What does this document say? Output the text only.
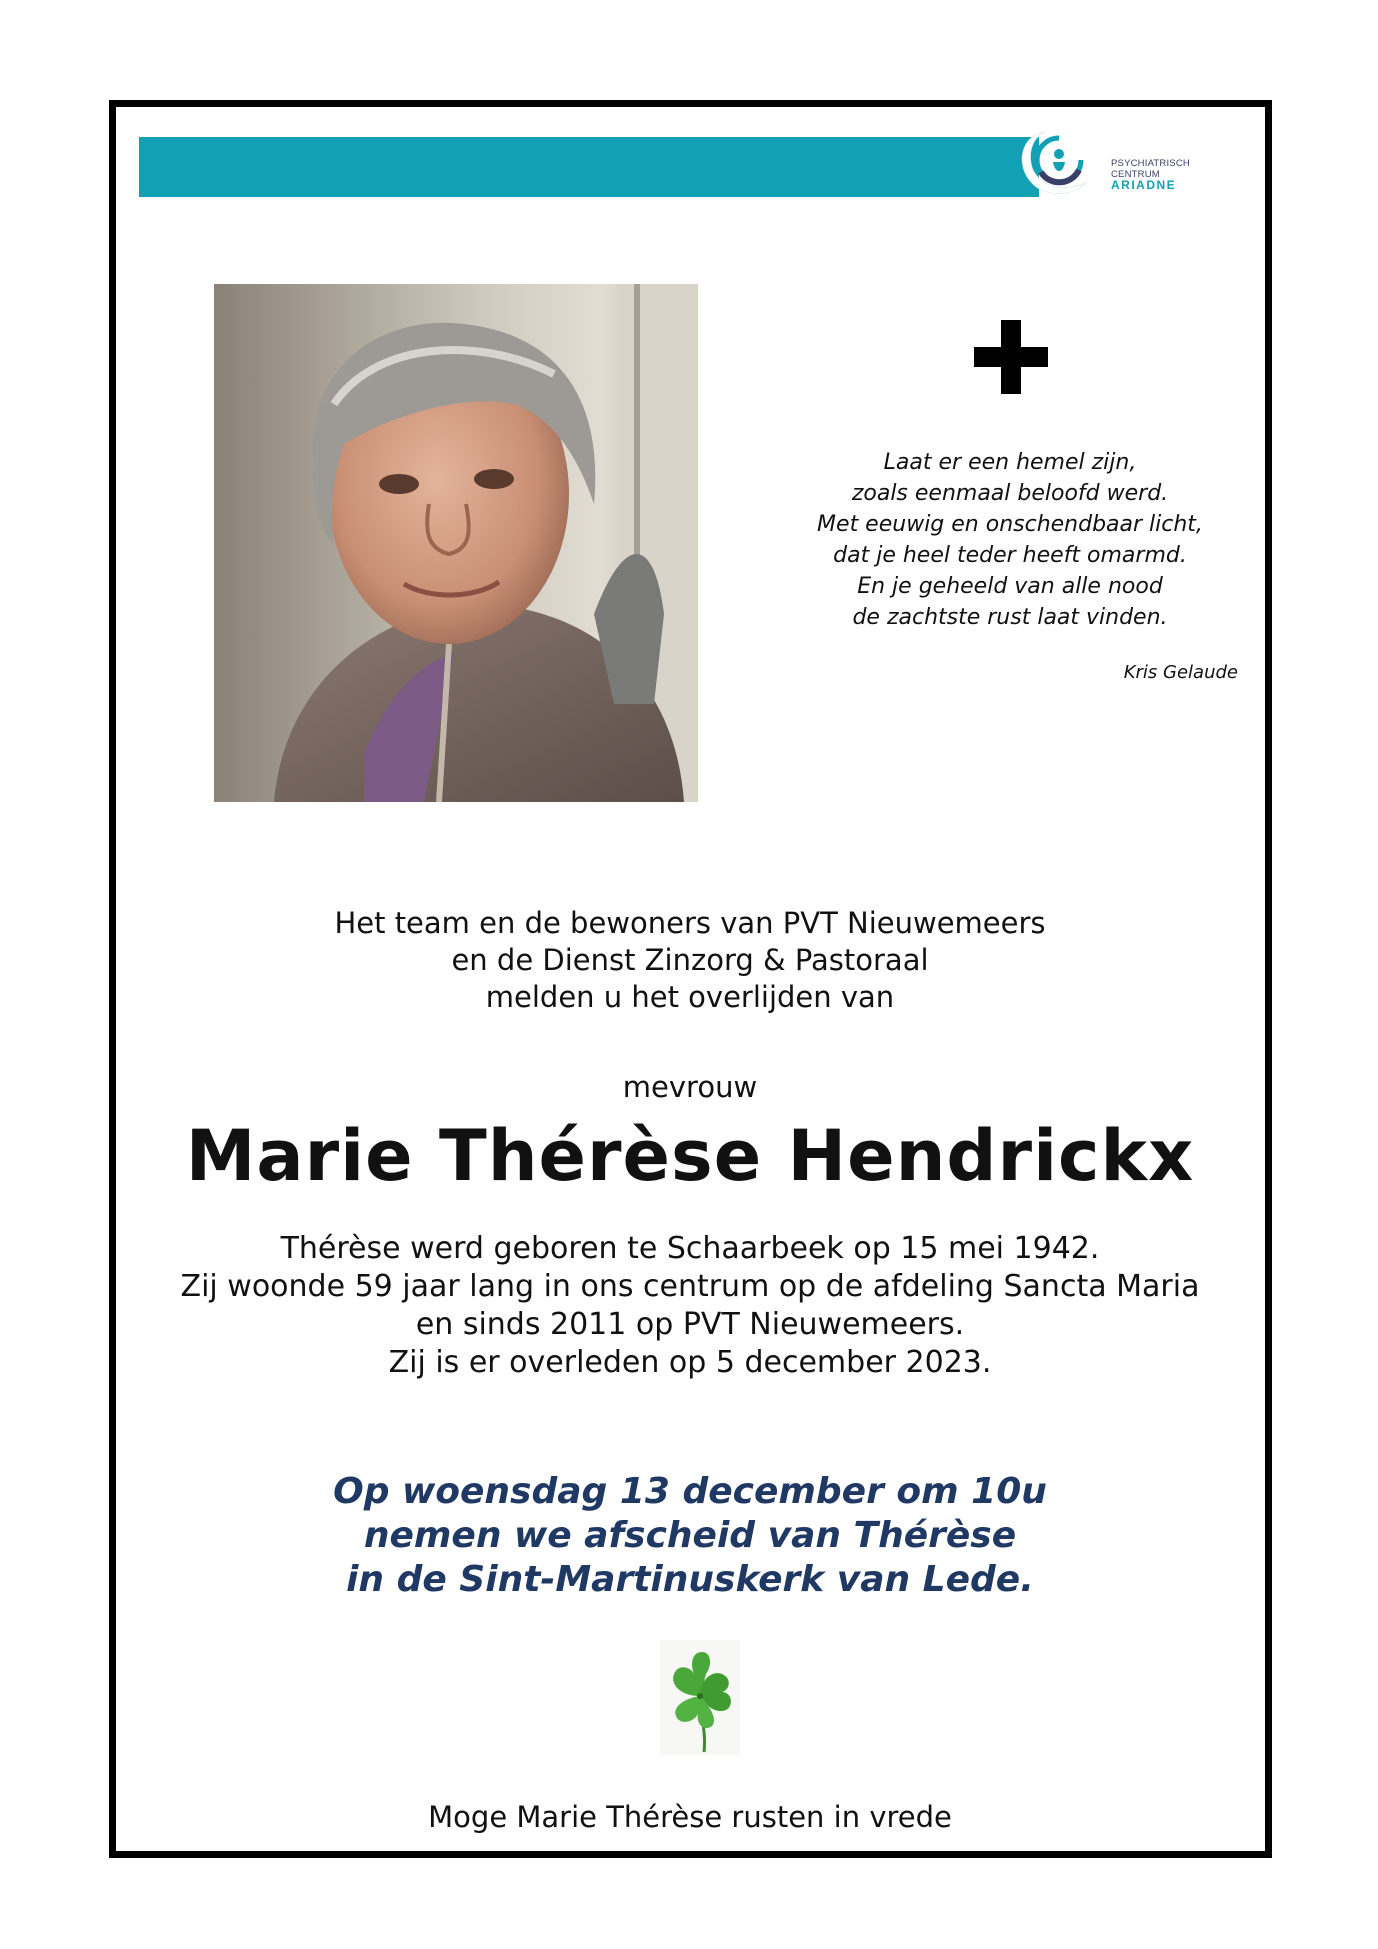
PSYCHIATRISCH
CENTRUM
ARIADNE
Laat er een hemel zijn,
zoals eenmaal beloofd werd.
Met eeuwig en onschendbaar licht,
dat je heel teder heeft omarmd.
En je geheeld van alle nood
de zachtste rust laat vinden.
Kris Gelaude
Het team en de bewoners van PVT Nieuwemeers
en de Dienst Zinzorg & Pastoraal
melden u het overlijden van
mevrouw
Marie Thérèse Hendrickx
Thérèse werd geboren te Schaarbeek op 15 mei 1942.
Zij woonde 59 jaar lang in ons centrum op de afdeling Sancta Maria
en sinds 2011 op PVT Nieuwemeers.
Zij is er overleden op 5 december 2023.
Op woensdag 13 december om 10u
nemen we afscheid van Thérèse
in de Sint-Martinuskerk van Lede.
Moge Marie Thérèse rusten in vrede
